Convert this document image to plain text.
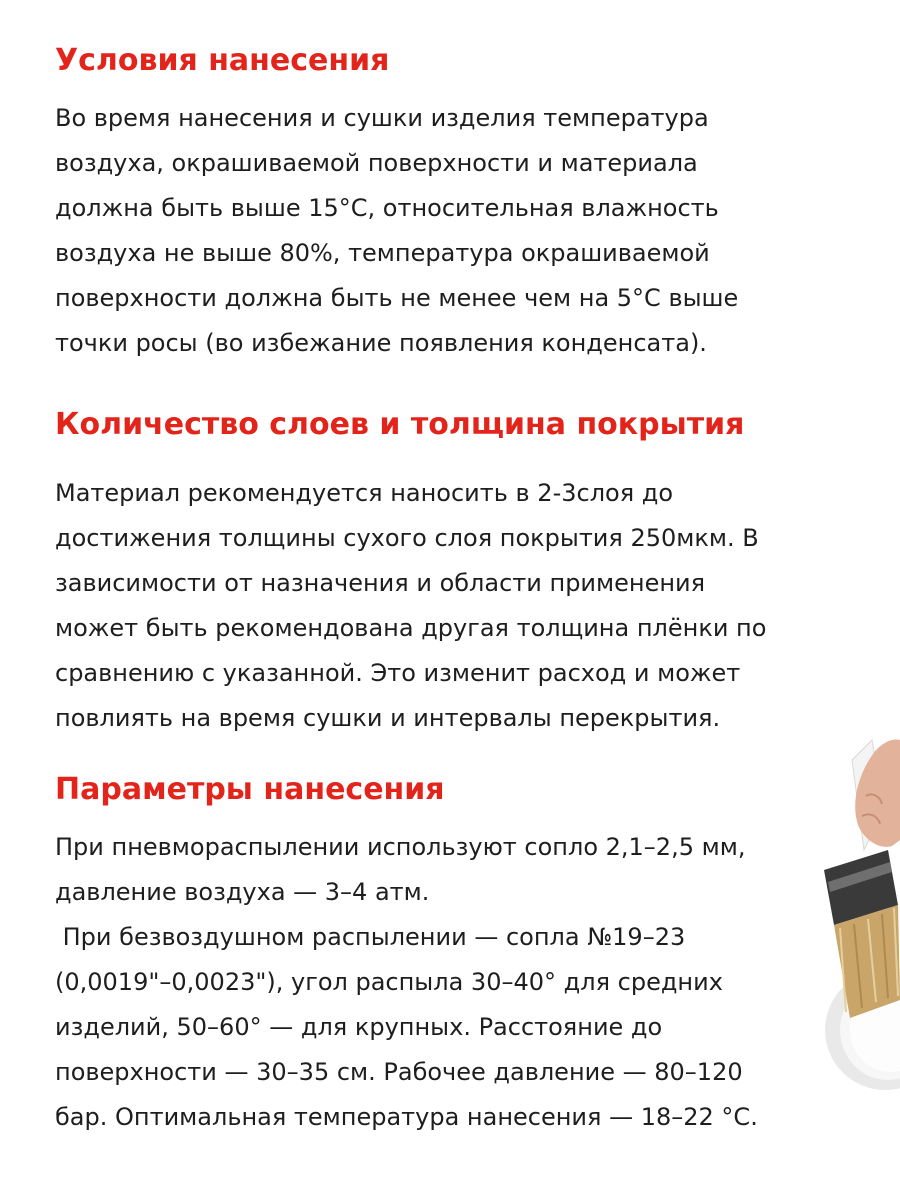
Условия нанесения
Во время нанесения и сушки изделия температура
воздуха, окрашиваемой поверхности и материала
должна быть выше 15°С, относительная влажность
воздуха не выше 80%, температура окрашиваемой
поверхности должна быть не менее чем на 5°С выше
точки росы (во избежание появления конденсата).
Количество слоев и толщина покрытия
Материал рекомендуется наносить в 2-3слоя до
достижения толщины сухого слоя покрытия 250мкм. В
зависимости от назначения и области применения
может быть рекомендована другая толщина плёнки по
сравнению с указанной. Это изменит расход и может
повлиять на время сушки и интервалы перекрытия.
Параметры нанесения
При пневмораспылении используют сопло 2,1–2,5 мм,
давление воздуха — 3–4 атм.
При безвоздушном распылении — сопла №19–23
(0,0019"–0,0023"), угол распыла 30–40° для средних
изделий, 50–60° — для крупных. Расстояние до
поверхности — 30–35 см. Рабочее давление — 80–120
бар. Оптимальная температура нанесения — 18–22 °С.
